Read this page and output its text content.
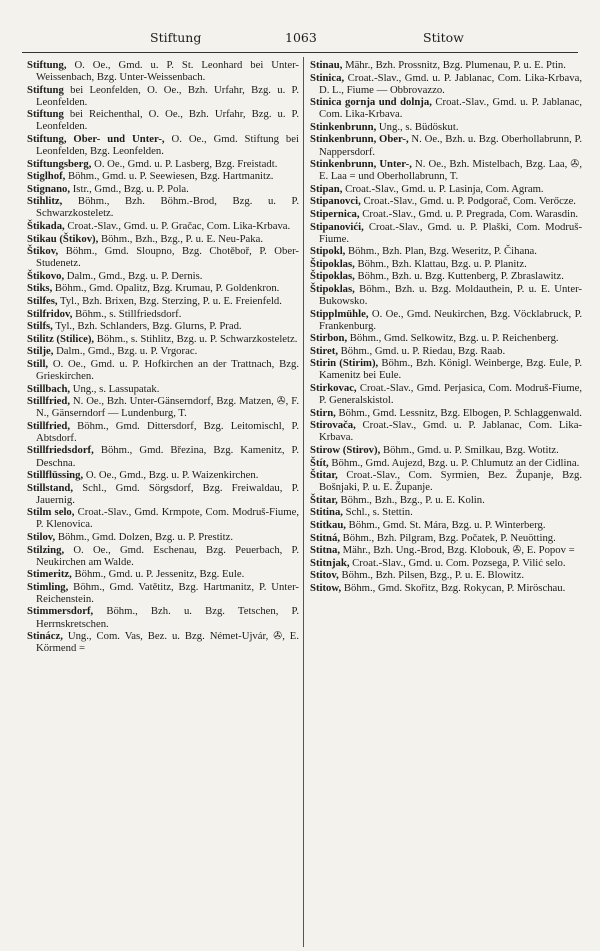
Stiftung	1063	Stitow
Stiftung, O. Oe., Gmd. u. P. St. Leonhard bei Unter-Weissenbach, Bzg. Unter-Weissenbach.
Stiftung bei Leonfelden, O. Oe., Bzh. Urfahr, Bzg. u. P. Leonfelden.
Stiftung bei Reichenthal, O. Oe., Bzh. Urfahr, Bzg. u. P. Leonfelden.
Stiftung, Ober- und Unter-, O. Oe., Gmd. Stiftung bei Leonfelden, Bzg. Leonfelden.
Stiftungsberg, O. Oe., Gmd. u. P. Lasberg, Bzg. Freistadt.
Stiglhof, Böhm., Gmd. u. P. Seewiesen, Bzg. Hartmanitz.
Stignano, Istr., Gmd., Bzg. u. P. Pola.
Stihlitz, Böhm., Bzh. Böhm.-Brod, Bzg. u. P. Schwarzkosteletz.
Štikada, Croat.-Slav., Gmd. u. P. Gračac, Com. Lika-Krbava.
Stikau (Štikov), Böhm., Bzh., Bzg., P. u. E. Neu-Paka.
Štikov, Böhm., Gmd. Sloupno, Bzg. Chotěboř, P. Ober-Studenetz.
Štikovo, Dalm., Gmd., Bzg. u. P. Dernis.
Stiks, Böhm., Gmd. Opalitz, Bzg. Krumau, P. Goldenkron.
Stilfes, Tyl., Bzh. Brixen, Bzg. Sterzing, P. u. E. Freienfeld.
Stilfridov, Böhm., s. Stillfriedsdorf.
Stilfs, Tyl., Bzh. Schlanders, Bzg. Glurns, P. Prad.
Stilitz (Stilice), Böhm., s. Stihlitz, Bzg. u. P. Schwarzkosteletz.
Stilje, Dalm., Gmd., Bzg. u. P. Vrgorac.
Still, O. Oe., Gmd. u. P. Hofkirchen an der Trattnach, Bzg. Grieskirchen.
Stillbach, Ung., s. Lassupatak.
Stillfried, N. Oe., Bzh. Unter-Gänserndorf, Bzg. Matzen, ✇, F. N., Gänserndorf — Lundenburg, T.
Stillfried, Böhm., Gmd. Dittersdorf, Bzg. Leitomischl, P. Abtsdorf.
Stillfriedsdorf, Böhm., Gmd. Březina, Bzg. Kamenitz, P. Deschna.
Stillflüssing, O. Oe., Gmd., Bzg. u. P. Waizenkirchen.
Stillstand, Schl., Gmd. Sörgsdorf, Bzg. Freiwaldau, P. Jauernig.
Stilm selo, Croat.-Slav., Gmd. Krmpote, Com. Modruš-Fiume, P. Klenovica.
Stilov, Böhm., Gmd. Dolzen, Bzg. u. P. Prestitz.
Stilzing, O. Oe., Gmd. Eschenau, Bzg. Peuerbach, P. Neukirchen am Walde.
Stimeritz, Böhm., Gmd. u. P. Jessenitz, Bzg. Eule.
Stimling, Böhm., Gmd. Vatětitz, Bzg. Hartmanitz, P. Unter-Reichenstein.
Stimmersdorf, Böhm., Bzh. u. Bzg. Tetschen, P. Herrnskretschen.
Stinácz, Ung., Com. Vas, Bez. u. Bzg. Német-Ujvár, ✇, E. Körmend =
Stinau, Mähr., Bzh. Prossnitz, Bzg. Plumenau, P. u. E. Ptin.
Stinica, Croat.-Slav., Gmd. u. P. Jablanac, Com. Lika-Krbava, D. L., Fiume — Obbrovazzo.
Stinica gornja und dolnja, Croat.-Slav., Gmd. u. P. Jablanac, Com. Lika-Krbava.
Stinkenbrunn, Ung., s. Büdöskut.
Stinkenbrunn, Ober-, N. Oe., Bzh. u. Bzg. Oberhollabrunn, P. Nappersdorf.
Stinkenbrunn, Unter-, N. Oe., Bzh. Mistelbach, Bzg. Laa, ✇, E. Laa = und Oberhollabrunn, T.
Stipan, Croat.-Slav., Gmd. u. P. Lasinja, Com. Agram.
Stipanovci, Croat.-Slav., Gmd. u. P. Podgorač, Com. Verőcze.
Stipernica, Croat.-Slav., Gmd. u. P. Pregrada, Com. Warasdin.
Stipanovići, Croat.-Slav., Gmd. u. P. Plaški, Com. Modruš-Fiume.
Stipokl, Böhm., Bzh. Plan, Bzg. Weseritz, P. Čihana.
Štipoklas, Böhm., Bzh. Klattau, Bzg. u. P. Planitz.
Štipoklas, Böhm., Bzh. u. Bzg. Kuttenberg, P. Zbraslawitz.
Štipoklas, Böhm., Bzh. u. Bzg. Moldauthein, P. u. E. Unter-Bukowsko.
Stipplmühle, O. Oe., Gmd. Neukirchen, Bzg. Vöcklabruck, P. Frankenburg.
Stirbon, Böhm., Gmd. Selkowitz, Bzg. u. P. Reichenberg.
Stiret, Böhm., Gmd. u. P. Riedau, Bzg. Raab.
Stirin (Stirim), Böhm., Bzh. Königl. Weinberge, Bzg. Eule, P. Kamenitz bei Eule.
Stirkovac, Croat.-Slav., Gmd. Perjasica, Com. Modruš-Fiume, P. Generalskistol.
Stirn, Böhm., Gmd. Lessnitz, Bzg. Elbogen, P. Schlaggenwald.
Stirovača, Croat.-Slav., Gmd. u. P. Jablanac, Com. Lika-Krbava.
Stirow (Stirov), Böhm., Gmd. u. P. Smilkau, Bzg. Wotitz.
Štít, Böhm., Gmd. Aujezd, Bzg. u. P. Chlumutz an der Cidlina.
Štitar, Croat.-Slav., Com. Syrmien, Bez. Županje, Bzg. Bošnjaki, P. u. E. Županje.
Štitar, Böhm., Bzh., Bzg., P. u. E. Kolin.
Stitina, Schl., s. Stettin.
Stitkau, Böhm., Gmd. St. Mára, Bzg. u. P. Winterberg.
Stitná, Böhm., Bzh. Pilgram, Bzg. Počatek, P. Neuötting.
Stitna, Mähr., Bzh. Ung.-Brod, Bzg. Klobouk, ✇, E. Popov =
Stitnjak, Croat.-Slav., Gmd. u. Com. Pozsega, P. Vilić selo.
Stitov, Böhm., Bzh. Pilsen, Bzg., P. u. E. Blowitz.
Stitow, Böhm., Gmd. Skořitz, Bzg. Rokycan, P. Miröschau.
